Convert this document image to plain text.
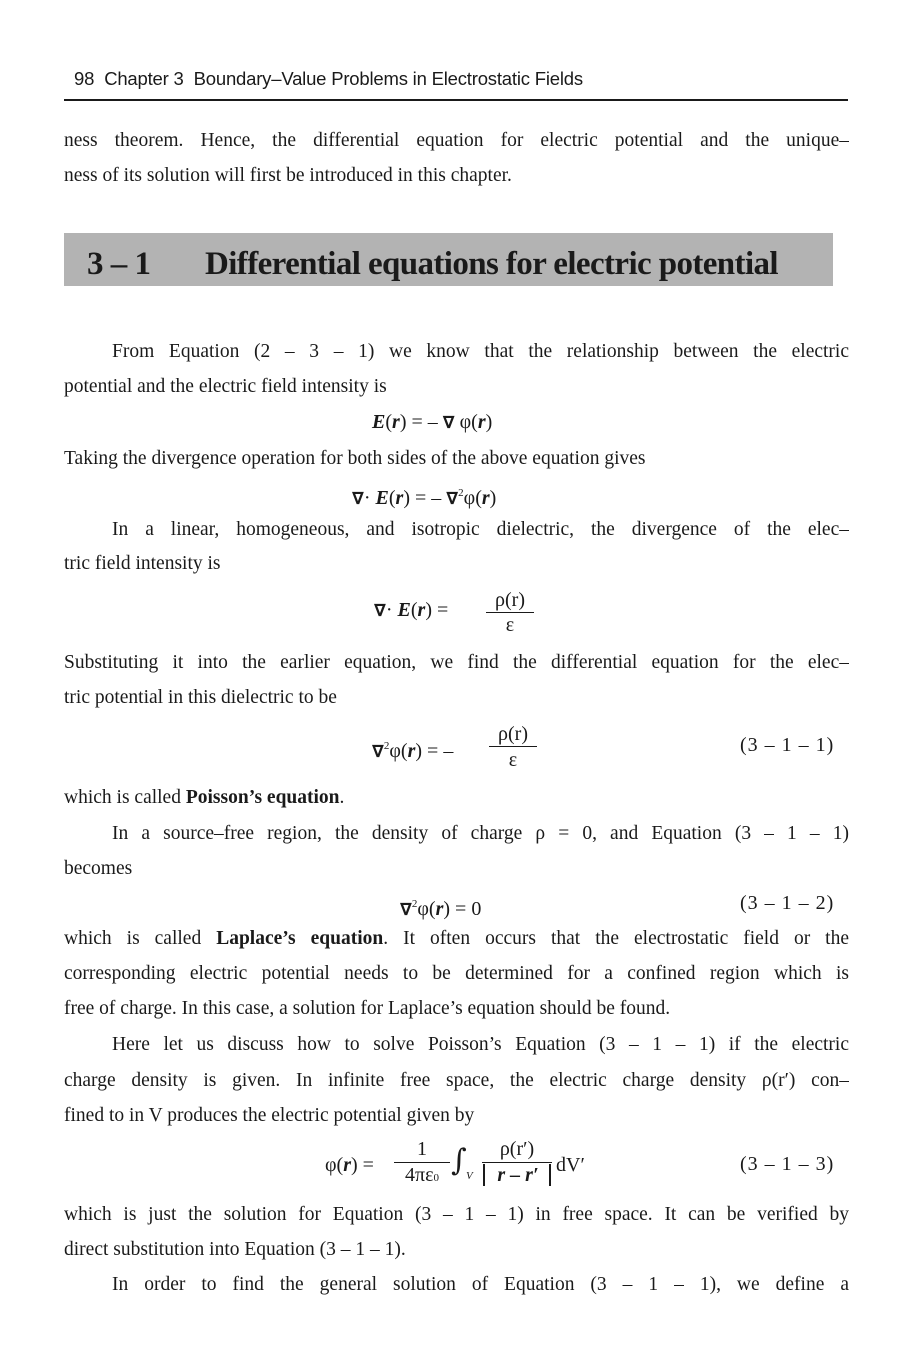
98 Chapter 3 Boundary–Value Problems in Electrostatic Fields
ness theorem. Hence, the differential equation for electric potential and the unique–
ness of its solution will first be introduced in this chapter.
3 – 1 Differential equations for electric potential
From Equation (2 – 3 – 1) we know that the relationship between the electric
potential and the electric field intensity is
E(r) = – ∇ φ(r)
Taking the divergence operation for both sides of the above equation gives
∇· E(r) = – ∇$^2$φ(r)
In a linear, homogeneous, and isotropic dielectric, the divergence of the elec–
tric field intensity is
∇· E(r) =	ρ(r)
ε
Substituting it into the earlier equation, we find the differential equation for the elec–
tric potential in this dielectric to be
∇$^2$φ(r) = –
ρ(r)
ε
(3 – 1 – 1)
which is called Poisson’s equation.
In a source–free region, the density of charge ρ = 0, and Equation (3 – 1 – 1)
becomes
∇$^2$φ(r) = 0	(3 – 1 – 2)
which is called Laplace’s equation. It often occurs that the electrostatic field or the
corresponding electric potential needs to be determined for a confined region which is
free of charge. In this case, a solution for Laplace’s equation should be found.
Here let us discuss how to solve Poisson’s Equation (3 – 1 – 1) if the electric
charge density is given. In infinite free space, the electric charge density ρ(r′) con–
fined to in V produces the electric potential given by
φ(r) =
1
4πε0 ∫ V
ρ(r′)
r – r′ dV′	(3 – 1 – 3)
which is just the solution for Equation (3 – 1 – 1) in free space. It can be verified by
direct substitution into Equation (3 – 1 – 1).
In order to find the general solution of Equation (3 – 1 – 1), we define a
